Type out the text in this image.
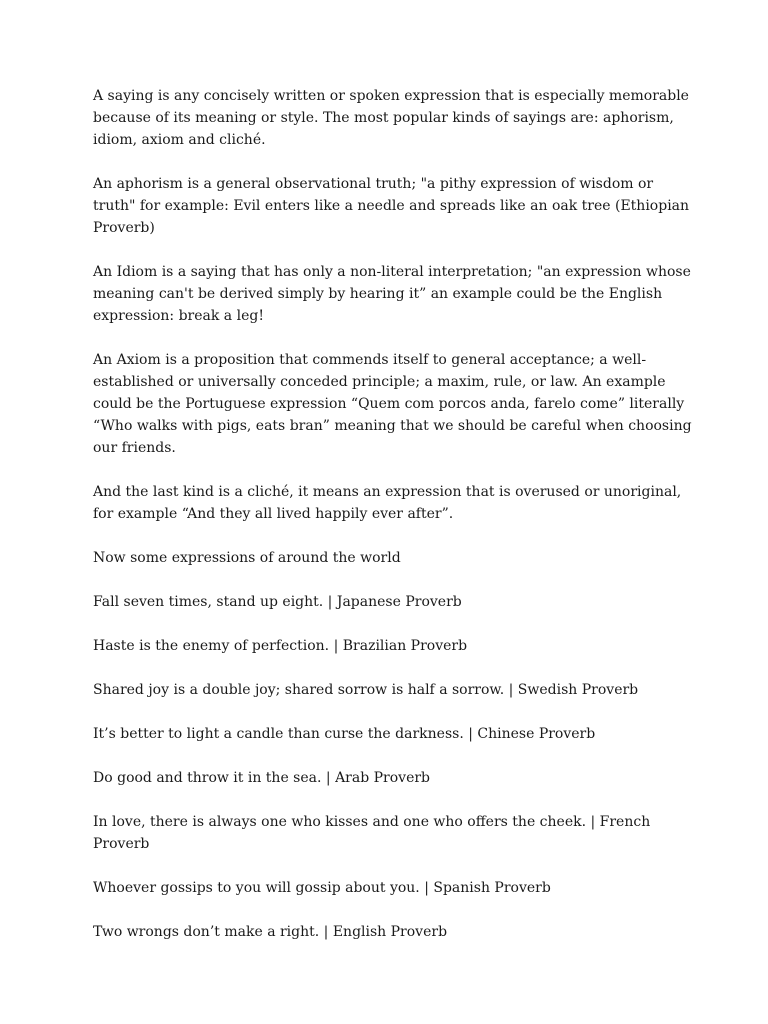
A saying is any concisely written or spoken expression that is especially memorable because of its meaning or style. The most popular kinds of sayings are: aphorism, idiom, axiom and cliché.

An aphorism is a general observational truth; "a pithy expression of wisdom or truth" for example: Evil enters like a needle and spreads like an oak tree (Ethiopian Proverb)

An Idiom is a saying that has only a non-literal interpretation; "an expression whose meaning can't be derived simply by hearing it” an example could be the English expression: break a leg!

An Axiom is a proposition that commends itself to general acceptance; a well-established or universally conceded principle; a maxim, rule, or law. An example could be the Portuguese expression “Quem com porcos anda, farelo come” literally “Who walks with pigs, eats bran” meaning that we should be careful when choosing our friends.

And the last kind is a cliché, it means an expression that is overused or unoriginal, for example “And they all lived happily ever after”.

Now some expressions of around the world

Fall seven times, stand up eight. | Japanese Proverb

Haste is the enemy of perfection. | Brazilian Proverb

Shared joy is a double joy; shared sorrow is half a sorrow. | Swedish Proverb

It’s better to light a candle than curse the darkness. | Chinese Proverb

Do good and throw it in the sea. | Arab Proverb

In love, there is always one who kisses and one who offers the cheek. | French Proverb

Whoever gossips to you will gossip about you. | Spanish Proverb

Two wrongs don’t make a right. | English Proverb
